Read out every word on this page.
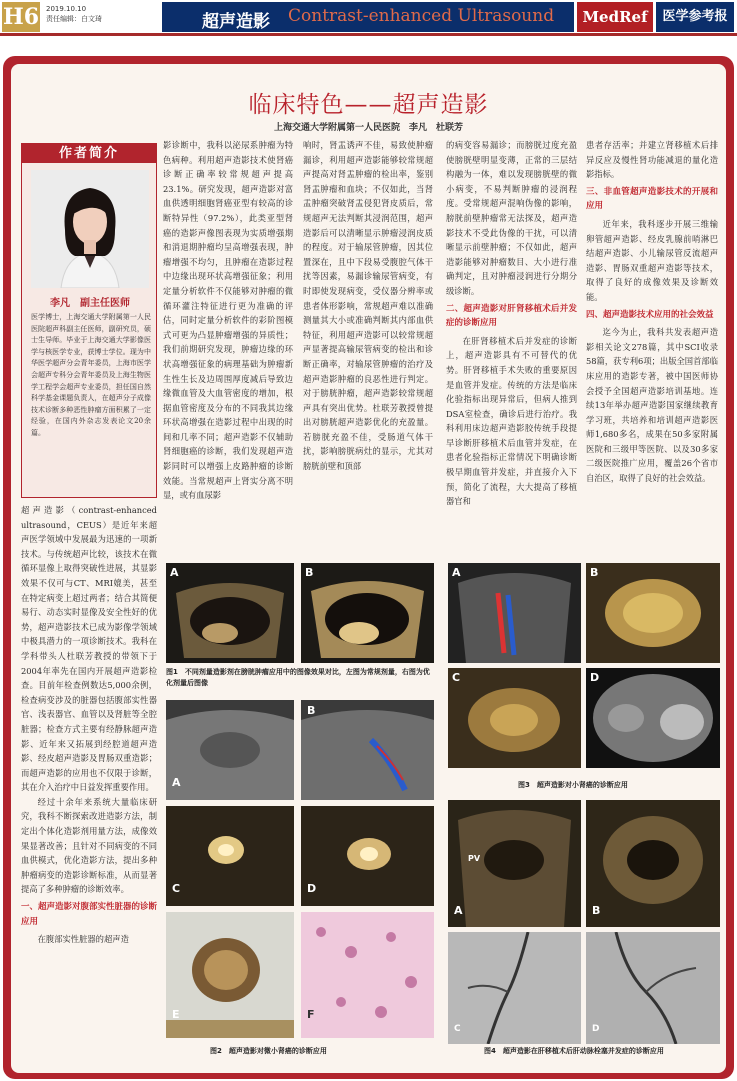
H6 2019.10.10
责任编辑：白文琦	超声造影 Contrast-enhanced Ultrasound	MedRef	医学参考报
临床特色——超声造影
上海交通大学附属第一人民医院　李凡　杜联芳
作者简介
李凡　副主任医师
医学博士，上海交通大学附属第一人民医院超声科副主任医师，副研究员，硕士生导师。毕业于上海交通大学影像医学与核医学专业，获博士学位。现为中华医学超声分会青年委员，上海市医学会超声专科分会青年委员及上海生物医学工程学会超声专业委员，担任国自然科学基金课题负责人，在超声分子成像技术诊断多种恶性肿瘤方面积累了一定经验，在国内外杂志发表论文20余篇。

超声造影（contrast-enhanced ultrasound，CEUS）是近年来超声医学领域中发展最为迅速的一项新技术。与传统超声比较，该技术在微循环显像上取得突破性进展，其显影效果不仅可与CT、MRI媲美，甚至在特定病变上超过两者；结合其简便易行、动态实时显像及安全性好的优势，超声造影技术已成为影像学领域中极具潜力的一项诊断技术。我科在学科带头人杜联芳教授的带领下于2004年率先在国内开展超声造影检查。目前年检查例数达5,000余例，检查病变涉及的脏器包括腹部实性器官、浅表器官、血管以及肾脏等全腔脏器；检查方式主要有经静脉超声造影、近年来又拓展到经腔道超声造影、经皮超声造影及胃肠双重造影；而超声造影的应用也不仅限于诊断，其在介入治疗中日益发挥重要作用。

经过十余年来系统大量临床研究，我科不断探索改进造影方法，制定出个体化造影剂用量方法，成像效果显著改善；且针对不同病变的不同血供模式，优化造影方法，提出多种肿瘤病变的造影诊断标准，从而显著提高了多种肿瘤的诊断效率。

一、超声造影对腹部实性脏器的诊断应用

在腹部实性脏器的超声造

影诊断中，我科以泌尿系肿瘤为特色病种。利用超声造影技术使肾癌诊断正确率较常规超声提高23.1%。研究发现，超声造影对富血供透明细胞肾癌亚型有较高的诊断特异性（97.2%），此类亚型肾癌的造影声像图表现为实质增强期和消退期肿瘤均呈高增强表现，肿瘤增强不均匀，且肿瘤在造影过程中边缘出现环状高增强征象；利用定量分析软件不仅能够对肿瘤的微循环灌注特征进行更为准确的评估，同时定量分析软件的彩阶图模式可更为凸显肿瘤增强的异质性；我们前期研究发现，肿瘤边缘的环状高增强征象的病理基础为肿瘤新生性生长及边周围厚度减后导致边缘微血管及大血管密度的增加，根据血管密度及分布的不同我其边缘环状高增强在造影过程中出现的时间和几率不同；超声造影不仅辅助肾细胞癌的诊断，我们发现超声造影同时可以增强上皮路肿瘤的诊断效能。当常规超声上肾实分离不明显，或有血尿影

响时，肾盂诱声不佳，易致使肿瘤漏诊，利用超声造影能够较常规超声提高对肾盂肿瘤的检出率，鉴别肾盂肿瘤和血块；不仅如此，当肾盂肿瘤突破肾盂侵犯肾皮质后，常规超声无法判断其浸润范围，超声造影后可以清晰显示肿瘤浸润皮质的程度。对于输尿管肿瘤，因其位置深在，且中下段易受腹腔气体干扰等因素，易漏诊输尿管病变，有时即使发现病变，受仪器分辨率或患者体形影响，常规超声难以准确测量其大小或准确判断其内部血供特征，利用超声造影可以较常规超声显著提高输尿管病变的检出和诊断正确率，对输尿管肿瘤的治疗及超声造影肿瘤的良恶性进行判定。对于膀胱肿瘤，超声造影较常规超声具有突出优势。杜联芳教授曾提出对膀胱超声造影优化的充盈量。若膀胱充盈不佳，受肠道气体干扰，影响膀胱病灶的显示，尤其对膀胱前壁和顶部

的病变容易漏诊；而膀胱过度充盈使膀胱壁明显变薄，正常的三层结构融为一体，难以发现膀胱壁的微小病变，不易判断肿瘤的浸润程度。受常规超声混响伪像的影响，膀胱前壁肿瘤常无法探及，超声造影技术不受此伪像的干扰，可以清晰显示前壁肿瘤；不仅如此，超声造影能够对肿瘤数目、大小进行准确判定，且对肿瘤浸润进行分期分级诊断。

二、超声造影对肝肾移植术后并发症的诊断应用

在肝肾移植术后并发症的诊断上，超声造影具有不可替代的优势。肝肾移植手术失败的重要原因是血管并发症。传统的方法是临床化验指标出现异常后，但病人推到DSA室检查，确诊后进行治疗。我科利用床边超声造影胶传统手段提早诊断肝移植术后血管并发症，在患者化验指标正常情况下明确诊断极早期血管并发症，并直接介入下预，简化了流程，大大提高了移植器官和

患者存活率；并建立肾移植术后排异反应及慢性肾功能减退的量化造影指标。

三、非血管超声造影技术的开展和应用

近年来，我科逐步开展三维输卵管超声造影、经皮乳腺前哨淋巴结超声造影、小儿输尿管反流超声造影、胃肠双重超声造影等技术，取得了良好的成像效果及诊断效能。

四、超声造影技术应用的社会效益

迄今为止，我科共发表超声造影相关论文278篇，其中SCI收录58篇，获专利6项；出版全国首部临床应用的造影专著，被中国医师协会授予全国超声造影培训基地。连续13年举办超声造影国家继续教育学习班，共培养和培训超声造影医师1,680多名，成果在50多家附属医院和三级甲等医院、以及30多家二级医院推广应用，覆盖26个省市自治区，取得了良好的社会效益。

A	B
图1　不同剂量造影剂在膀胱肿瘤应用中的图像效果对比，左图为常规剂量，右图为优化剂量后图像
A
B
C	D
E	F
图2　超声造影对微小肾癌的诊断应用
A	B
C	D
图3　超声造影对小肾癌的诊断应用
PV
A	B
C	D
图4　超声造影在肝移植术后肝动脉栓塞并发症的诊断应用
